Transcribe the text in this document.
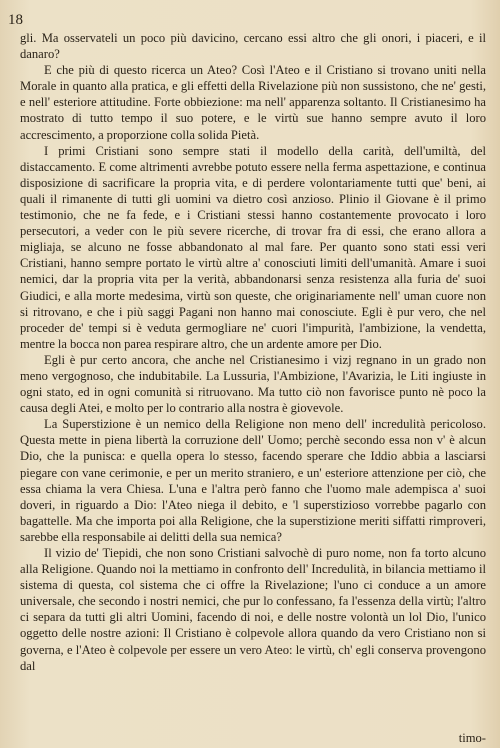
18

gli. Ma osservateli un poco più davicino, cercano essi altro che gli onori, i piaceri, e il danaro?

E che più di questo ricerca un Ateo? Così l'Ateo e il Cristiano si trovano uniti nella Morale in quanto alla pratica, e gli effetti della Rivelazione più non sussistono, che ne' gesti, e nell' esteriore attitudine. Forte obbiezione: ma nell' apparenza soltanto. Il Cristianesimo ha mostrato di tutto tempo il suo potere, e le virtù sue hanno sempre avuto il loro accrescimento, a proporzione colla solida Pietà.

I primi Cristiani sono sempre stati il modello della carità, dell'umiltà, del distaccamento. E come altrimenti avrebbe potuto essere nella ferma aspettazione, e continua disposizione di sacrificare la propria vita, e di perdere volontariamente tutti que' beni, ai quali il rimanente di tutti gli uomini va dietro così anzioso. Plinio il Giovane è il primo testimonio, che ne fa fede, e i Cristiani stessi hanno costantemente provocato i loro persecutori, a veder con le più severe ricerche, di trovar fra di essi, che erano allora a migliaja, se alcuno ne fosse abbandonato al mal fare. Per quanto sono stati essi veri Cristiani, hanno sempre portato le virtù altre a' conosciuti limiti dell'umanità. Amare i suoi nemici, dar la propria vita per la verità, abbandonarsi senza resistenza alla furia de' suoi Giudici, e alla morte medesima, virtù son queste, che originariamente nell' uman cuore non si ritrovano, e che i più saggi Pagani non hanno mai conosciute. Egli è pur vero, che nel proceder de' tempi si è veduta germogliare ne' cuori l'impurità, l'ambizione, la vendetta, mentre la bocca non parea respirare altro, che un ardente amore per Dio.

Egli è pur certo ancora, che anche nel Cristianesimo i vizj regnano in un grado non meno vergognoso, che indubitabile. La Lussuria, l'Ambizione, l'Avarizia, le Liti ingiuste in ogni stato, ed in ogni comunità si ritruovano. Ma tutto ciò non favorisce punto nè poco la causa degli Atei, e molto per lo contrario alla nostra è giovevole.

La Superstizione è un nemico della Religione non meno dell' incredulità pericoloso. Questa mette in piena libertà la corruzione dell' Uomo; perchè secondo essa non v' è alcun Dio, che la punisca: e quella opera lo stesso, facendo sperare che Iddio abbia a lasciarsi piegare con vane cerimonie, e per un merito straniero, e un' esteriore attenzione per ciò, che essa chiama la vera Chiesa. L'una e l'altra però fanno che l'uomo male adempisca a' suoi doveri, in riguardo a Dio: l'Ateo niega il debito, e 'l superstizioso vorrebbe pagarlo con bagattelle. Ma che importa poi alla Religione, che la superstizione meriti siffatti rimproveri, sarebbe ella responsabile ai delitti della sua nemica?

Il vizio de' Tiepidi, che non sono Cristiani salvochè di puro nome, non fa torto alcuno alla Religione. Quando noi la mettiamo in confronto dell' Incredulità, in bilancia mettiamo il sistema di questa, col sistema che ci offre la Rivelazione; l'uno ci conduce a un amore universale, che secondo i nostri nemici, che pur lo confessano, fa l'essenza della virtù; l'altro ci separa da tutti gli altri Uomini, facendo di noi, e delle nostre volontà un lol Dio, l'unico oggetto delle nostre azioni: Il Cristiano è colpevole allora quando da vero Cristiano non si governa, e l'Ateo è colpevole per essere un vero Ateo: le virtù, ch' egli conserva provengono dal

timo-
